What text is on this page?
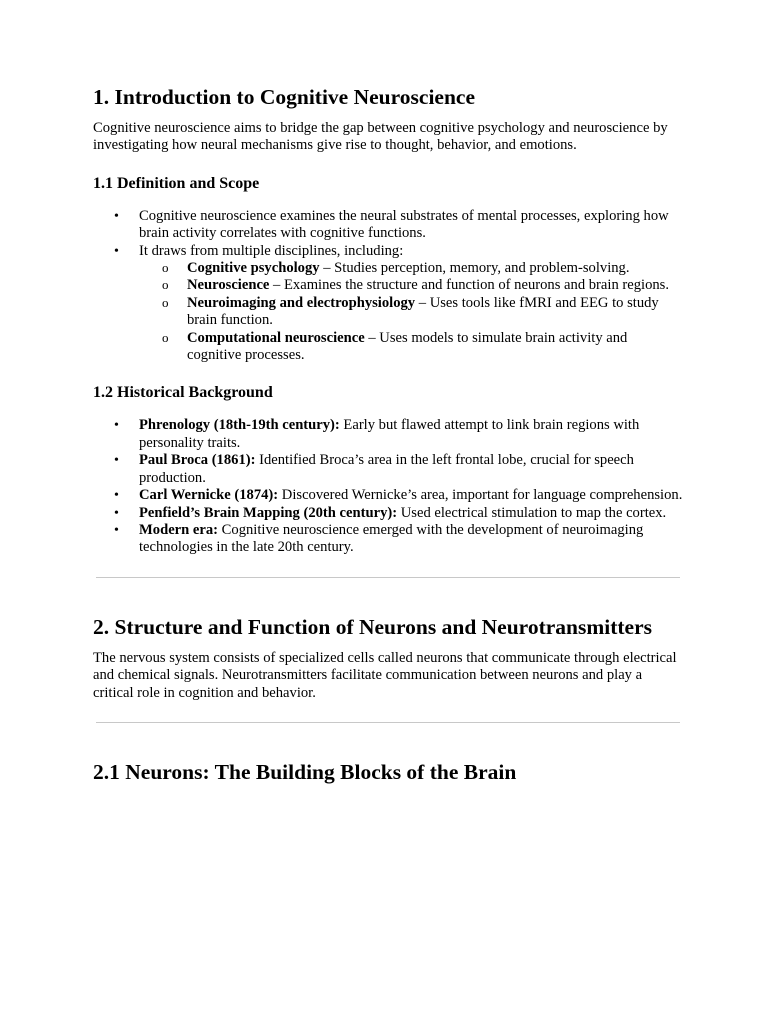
1. Introduction to Cognitive Neuroscience

Cognitive neuroscience aims to bridge the gap between cognitive psychology and neuroscience by investigating how neural mechanisms give rise to thought, behavior, and emotions.

1.1 Definition and Scope
• Cognitive neuroscience examines the neural substrates of mental processes, exploring how brain activity correlates with cognitive functions.
• It draws from multiple disciplines, including:
o Cognitive psychology – Studies perception, memory, and problem-solving.
o Neuroscience – Examines the structure and function of neurons and brain regions.
o Neuroimaging and electrophysiology – Uses tools like fMRI and EEG to study brain function.
o Computational neuroscience – Uses models to simulate brain activity and cognitive processes.
1.2 Historical Background
• Phrenology (18th-19th century): Early but flawed attempt to link brain regions with personality traits.
• Paul Broca (1861): Identified Broca’s area in the left frontal lobe, crucial for speech production.
• Carl Wernicke (1874): Discovered Wernicke’s area, important for language comprehension.
• Penfield’s Brain Mapping (20th century): Used electrical stimulation to map the cortex.
• Modern era: Cognitive neuroscience emerged with the development of neuroimaging technologies in the late 20th century.
2. Structure and Function of Neurons and Neurotransmitters

The nervous system consists of specialized cells called neurons that communicate through electrical and chemical signals. Neurotransmitters facilitate communication between neurons and play a critical role in cognition and behavior.

2.1 Neurons: The Building Blocks of the Brain
